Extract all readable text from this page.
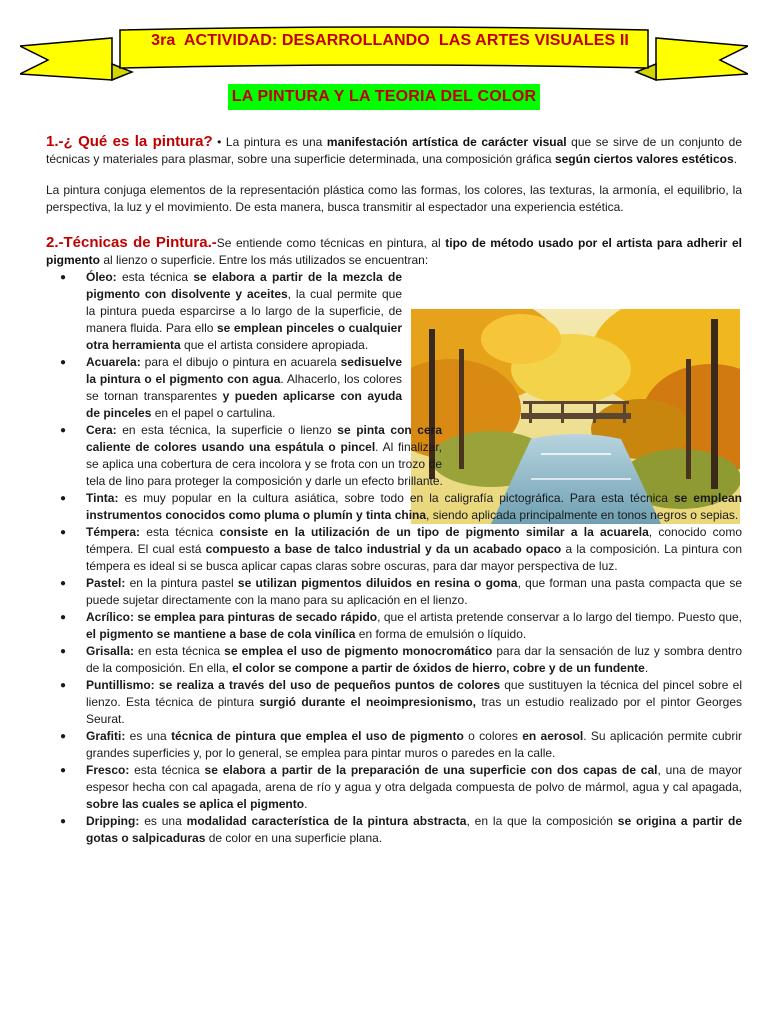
3ra  ACTIVIDAD: DESARROLLANDO  LAS ARTES VISUALES II
LA PINTURA Y LA TEORIA DEL COLOR

1.-¿ Qué es la pintura? • La pintura es una manifestación artística de carácter visual que se sirve de un conjunto de técnicas y materiales para plasmar, sobre una superficie determinada, una composición gráfica según ciertos valores estéticos.

La pintura conjuga elementos de la representación plástica como las formas, los colores, las texturas, la armonía, el equilibrio, la perspectiva, la luz y el movimiento. De esta manera, busca transmitir al espectador una experiencia estética.

2.-Técnicas de Pintura.-Se entiende como técnicas en pintura, al tipo de método usado por el artista para adherir el pigmento al lienzo o superficie. Entre los más utilizados se encuentran:

● Óleo: esta técnica se elabora a partir de la mezcla de pigmento con disolvente y aceites, la cual permite que la pintura pueda esparcirse a lo largo de la superficie, de manera fluida. Para ello se emplean pinceles o cualquier otra herramienta que el artista considere apropiada.
● Acuarela: para el dibujo o pintura en acuarela sedisuelve la pintura o el pigmento con agua. Alhacerlo, los colores se tornan transparentes y pueden aplicarse con ayuda de pinceles en el papel o cartulina.
● Cera: en esta técnica, la superficie o lienzo se pinta con cera caliente de colores usando una espátula o pincel. Al finalizar, se aplica una cobertura de cera incolora y se frota con un trozo de tela de lino para proteger la composición y darle un efecto brillante.
● Tinta: es muy popular en la cultura asiática, sobre todo en la caligrafía pictográfica. Para esta técnica se emplean instrumentos conocidos como pluma o plumín y tinta china, siendo aplicada principalmente en tonos negros o sepias.
● Témpera: esta técnica consiste en la utilización de un tipo de pigmento similar a la acuarela, conocido como témpera. El cual está compuesto a base de talco industrial y da un acabado opaco a la composición. La pintura con témpera es ideal si se busca aplicar capas claras sobre oscuras, para dar mayor perspectiva de luz.
● Pastel: en la pintura pastel se utilizan pigmentos diluidos en resina o goma, que forman una pasta compacta que se puede sujetar directamente con la mano para su aplicación en el lienzo.
● Acrílico: se emplea para pinturas de secado rápido, que el artista pretende conservar a lo largo del tiempo. Puesto que, el pigmento se mantiene a base de cola vinílica en forma de emulsión o líquido.
● Grisalla: en esta técnica se emplea el uso de pigmento monocromático para dar la sensación de luz y sombra dentro de la composición. En ella, el color se compone a partir de óxidos de hierro, cobre y de un fundente.
● Puntillismo: se realiza a través del uso de pequeños puntos de colores que sustituyen la técnica del pincel sobre el lienzo. Esta técnica de pintura surgió durante el neoimpresionismo, tras un estudio realizado por el pintor Georges Seurat.
● Grafiti: es una técnica de pintura que emplea el uso de pigmento o colores en aerosol. Su aplicación permite cubrir grandes superficies y, por lo general, se emplea para pintar muros o paredes en la calle.
● Fresco: esta técnica se elabora a partir de la preparación de una superficie con dos capas de cal, una de mayor espesor hecha con cal apagada, arena de río y agua y otra delgada compuesta de polvo de mármol, agua y cal apagada, sobre las cuales se aplica el pigmento.
● Dripping: es una modalidad característica de la pintura abstracta, en la que la composición se origina a partir de gotas o salpicaduras de color en una superficie plana.
